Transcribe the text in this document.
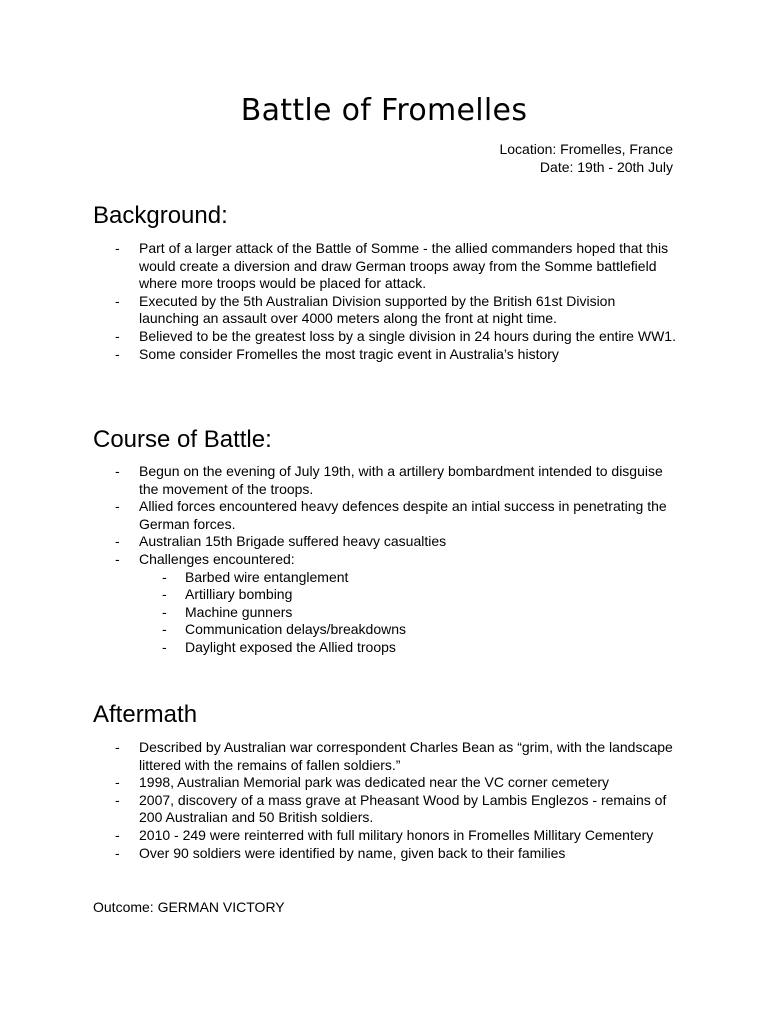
Battle of Fromelles
Location: Fromelles, France
Date: 19th - 20th July
Background:
- Part of a larger attack of the Battle of Somme - the allied commanders hoped that this would create a diversion and draw German troops away from the Somme battlefield where more troops would be placed for attack.
- Executed by the 5th Australian Division supported by the British 61st Division launching an assault over 4000 meters along the front at night time.
- Believed to be the greatest loss by a single division in 24 hours during the entire WW1.
- Some consider Fromelles the most tragic event in Australia’s history
Course of Battle:
- Begun on the evening of July 19th, with a artillery bombardment intended to disguise the movement of the troops.
- Allied forces encountered heavy defences despite an intial success in penetrating the German forces.
- Australian 15th Brigade suffered heavy casualties
- Challenges encountered:
- Barbed wire entanglement
- Artilliary bombing
- Machine gunners
- Communication delays/breakdowns
- Daylight exposed the Allied troops
Aftermath
- Described by Australian war correspondent Charles Bean as “grim, with the landscape littered with the remains of fallen soldiers.”
- 1998, Australian Memorial park was dedicated near the VC corner cemetery
- 2007, discovery of a mass grave at Pheasant Wood by Lambis Englezos - remains of 200 Australian and 50 British soldiers.
- 2010 - 249 were reinterred with full military honors in Fromelles Millitary Cementery
- Over 90 soldiers were identified by name, given back to their families
Outcome: GERMAN VICTORY
